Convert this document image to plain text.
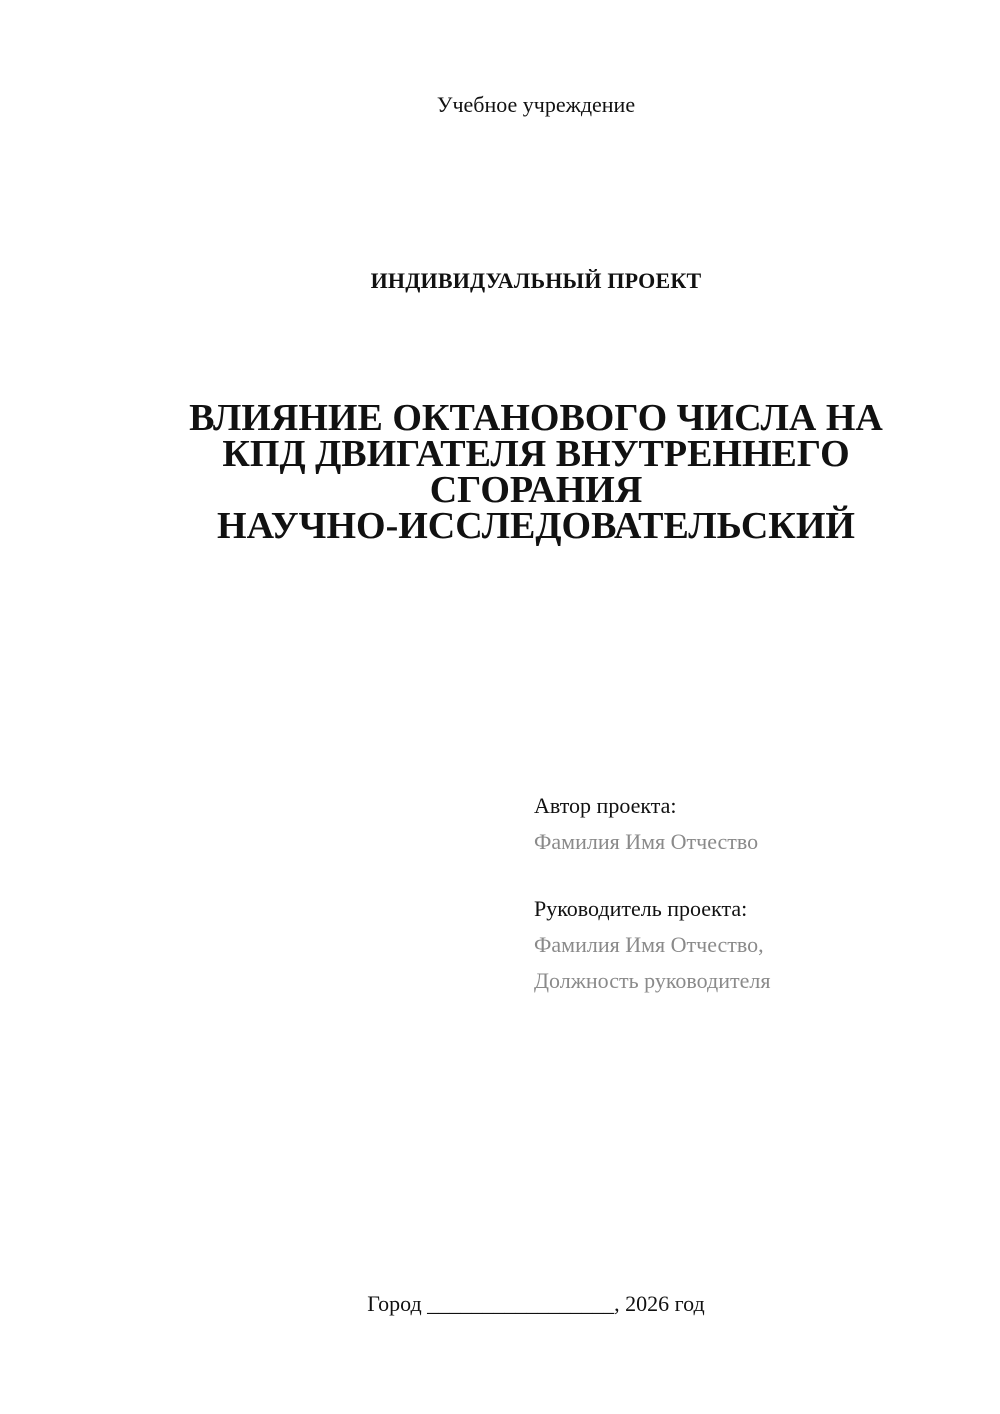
Учебное учреждение
ИНДИВИДУАЛЬНЫЙ ПРОЕКТ
ВЛИЯНИЕ ОКТАНОВОГО ЧИСЛА НА
КПД ДВИГАТЕЛЯ ВНУТРЕННЕГО
СГОРАНИЯ
НАУЧНО-ИССЛЕДОВАТЕЛЬСКИЙ
Автор проекта:
Фамилия Имя Отчество
Руководитель проекта:
Фамилия Имя Отчество,
Должность руководителя
Город _________________, 2026 год
